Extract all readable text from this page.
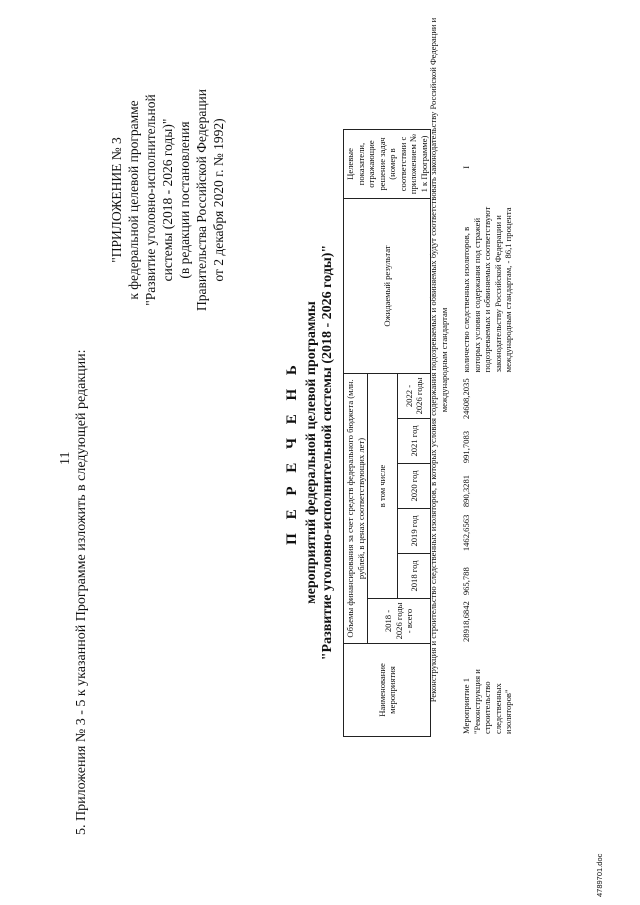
11 5. Приложения № 3 - 5 к указанной Программе изложить в следующей редакции:
"ПРИЛОЖЕНИЕ № 3 к федеральной целевой программе "Развитие уголовно-исполнительной системы (2018 - 2026 годы)" (в редакции постановления Правительства Российской Федерации от 2 декабря 2020 г. № 1992)
П Е Р Е Ч Е Н Ь мероприятий федеральной целевой программы "Развитие уголовно-исполнительной системы (2018 - 2026 годы)"
Наименование мероприятия	Объемы финансирования за счет средств федерального бюджета (млн. рублей, в ценах соответствующих лет)						Ожидаемый результат	Целевые показатели, отражающие решение задач (номер в соответствии с приложением № 1 к Программе)
	2018 - 2026 годы - всего	в том числе						
		2018 год	2019 год	2020 год	2021 год	2022 - 2026 годы		Реконструкция и строительство следственных изоляторов, в которых условия содержания подозреваемых и обвиняемых будут соответствовать законодательству Российской Федерации и международным стандартам
Мероприятие 1 "Реконструкция и строительство следственных изоляторов"	28918,6842	965,788	1462,6563	890,3281	991,7083	24608,2035	количество следственных изоляторов, в которых условия содержания под стражей подозреваемых и обвиняемых соответствуют законодательству Российской Федерации и международным стандартам, - 86,1 процента	I
4789701.doc
